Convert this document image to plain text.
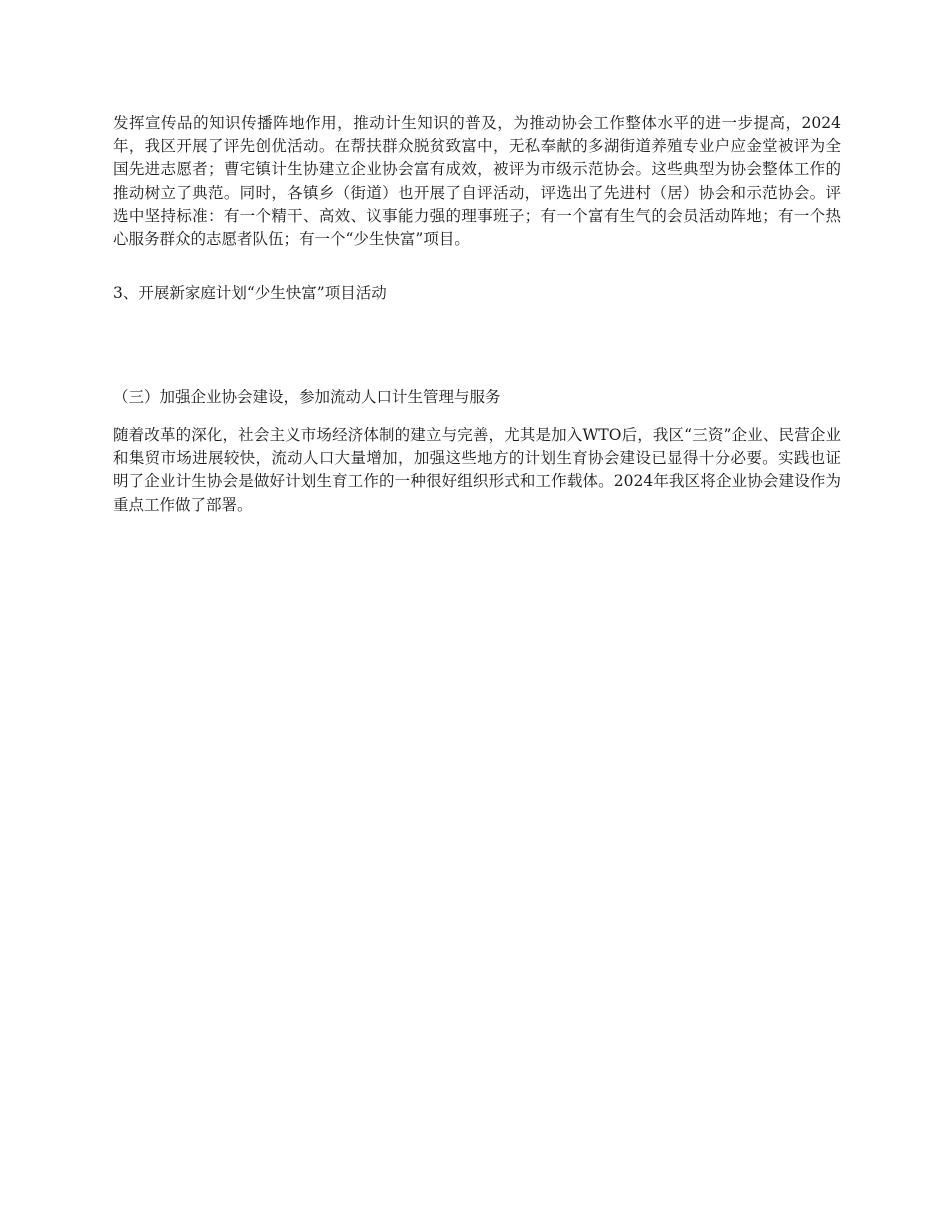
发挥宣传品的知识传播阵地作用，推动计生知识的普及，为推动协会工作整体水平的进一步提高，2024年，我区开展了评先创优活动。在帮扶群众脱贫致富中，无私奉献的多湖街道养殖专业户应金堂被评为全国先进志愿者；曹宅镇计生协建立企业协会富有成效，被评为市级示范协会。这些典型为协会整体工作的推动树立了典范。同时，各镇乡（街道）也开展了自评活动，评选出了先进村（居）协会和示范协会。评选中坚持标准：有一个精干、高效、议事能力强的理事班子；有一个富有生气的会员活动阵地；有一个热心服务群众的志愿者队伍；有一个“少生快富”项目。

3、开展新家庭计划“少生快富”项目活动

（三）加强企业协会建设，参加流动人口计生管理与服务

随着改革的深化，社会主义市场经济体制的建立与完善，尤其是加入WTO后，我区“三资”企业、民营企业和集贸市场进展较快，流动人口大量增加，加强这些地方的计划生育协会建设已显得十分必要。实践也证明了企业计生协会是做好计划生育工作的一种很好组织形式和工作载体。2024年我区将企业协会建设作为重点工作做了部署。
